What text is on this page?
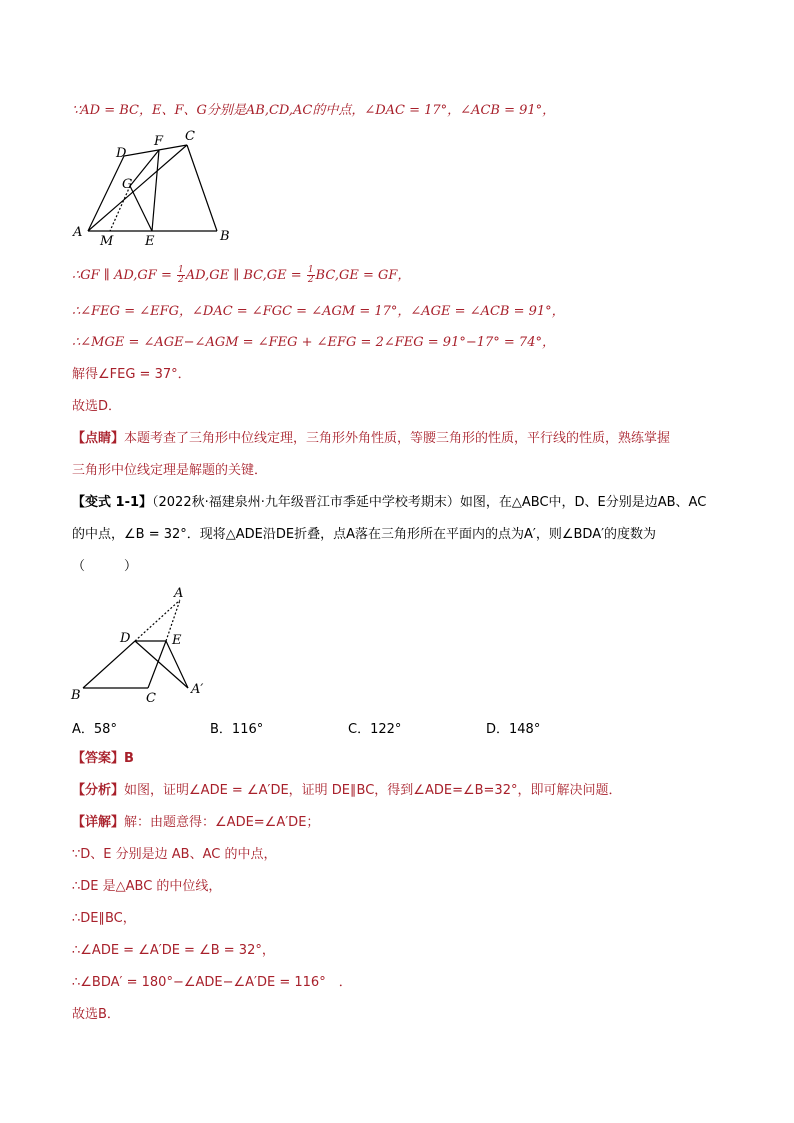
∵AD = BC，E、F、G分别是AB,CD,AC的中点，∠DAC = 17°，∠ACB = 91°，
D
F C
G
A
M E	B
∴GF ∥ $AD,GF = \frac{1}{2} AD,GE$ ∥ $BC,GE = \frac{1}{2} BC,GE$ = GF，
∴∠FEG = ∠EFG，∠DAC = ∠FGC = ∠AGM = 17°，∠AGE = ∠ACB = 91°，
∴∠MGE = ∠AGE−∠AGM = ∠FEG + ∠EFG = 2∠FEG = 91°−17° = 74°，
解得∠FEG = 37°．
故选D．
【点睛】本题考查了三角形中位线定理，三角形外角性质，等腰三角形的性质，平行线的性质，熟练掌握
三角形中位线定理是解题的关键．
【变式 1-1】（2022秋·福建泉州·九年级晋江市季延中学校考期末）如图，在△ABC中，D、E分别是边AB、AC
的中点，∠B = 32°．现将△ADE沿DE折叠，点A落在三角形所在平面内的点为A′，则∠BDA′的度数为
（　　　）
A
D	E
B	C
A′
A．58°	B．116°	C．122°	D．148°
【答案】B
【分析】如图，证明∠ADE = ∠A′DE，证明 DE∥BC，得到∠ADE=∠B=32°，即可解决问题．
【详解】解：由题意得：∠ADE=∠A′DE；
∵D、E 分别是边 AB、AC 的中点，
∴DE 是△ABC 的中位线，
∴DE∥BC，
∴∠ADE = ∠A′DE = ∠B = 32°，
∴∠BDA′ = 180°−∠ADE−∠A′DE = 116°　．
故选B．
